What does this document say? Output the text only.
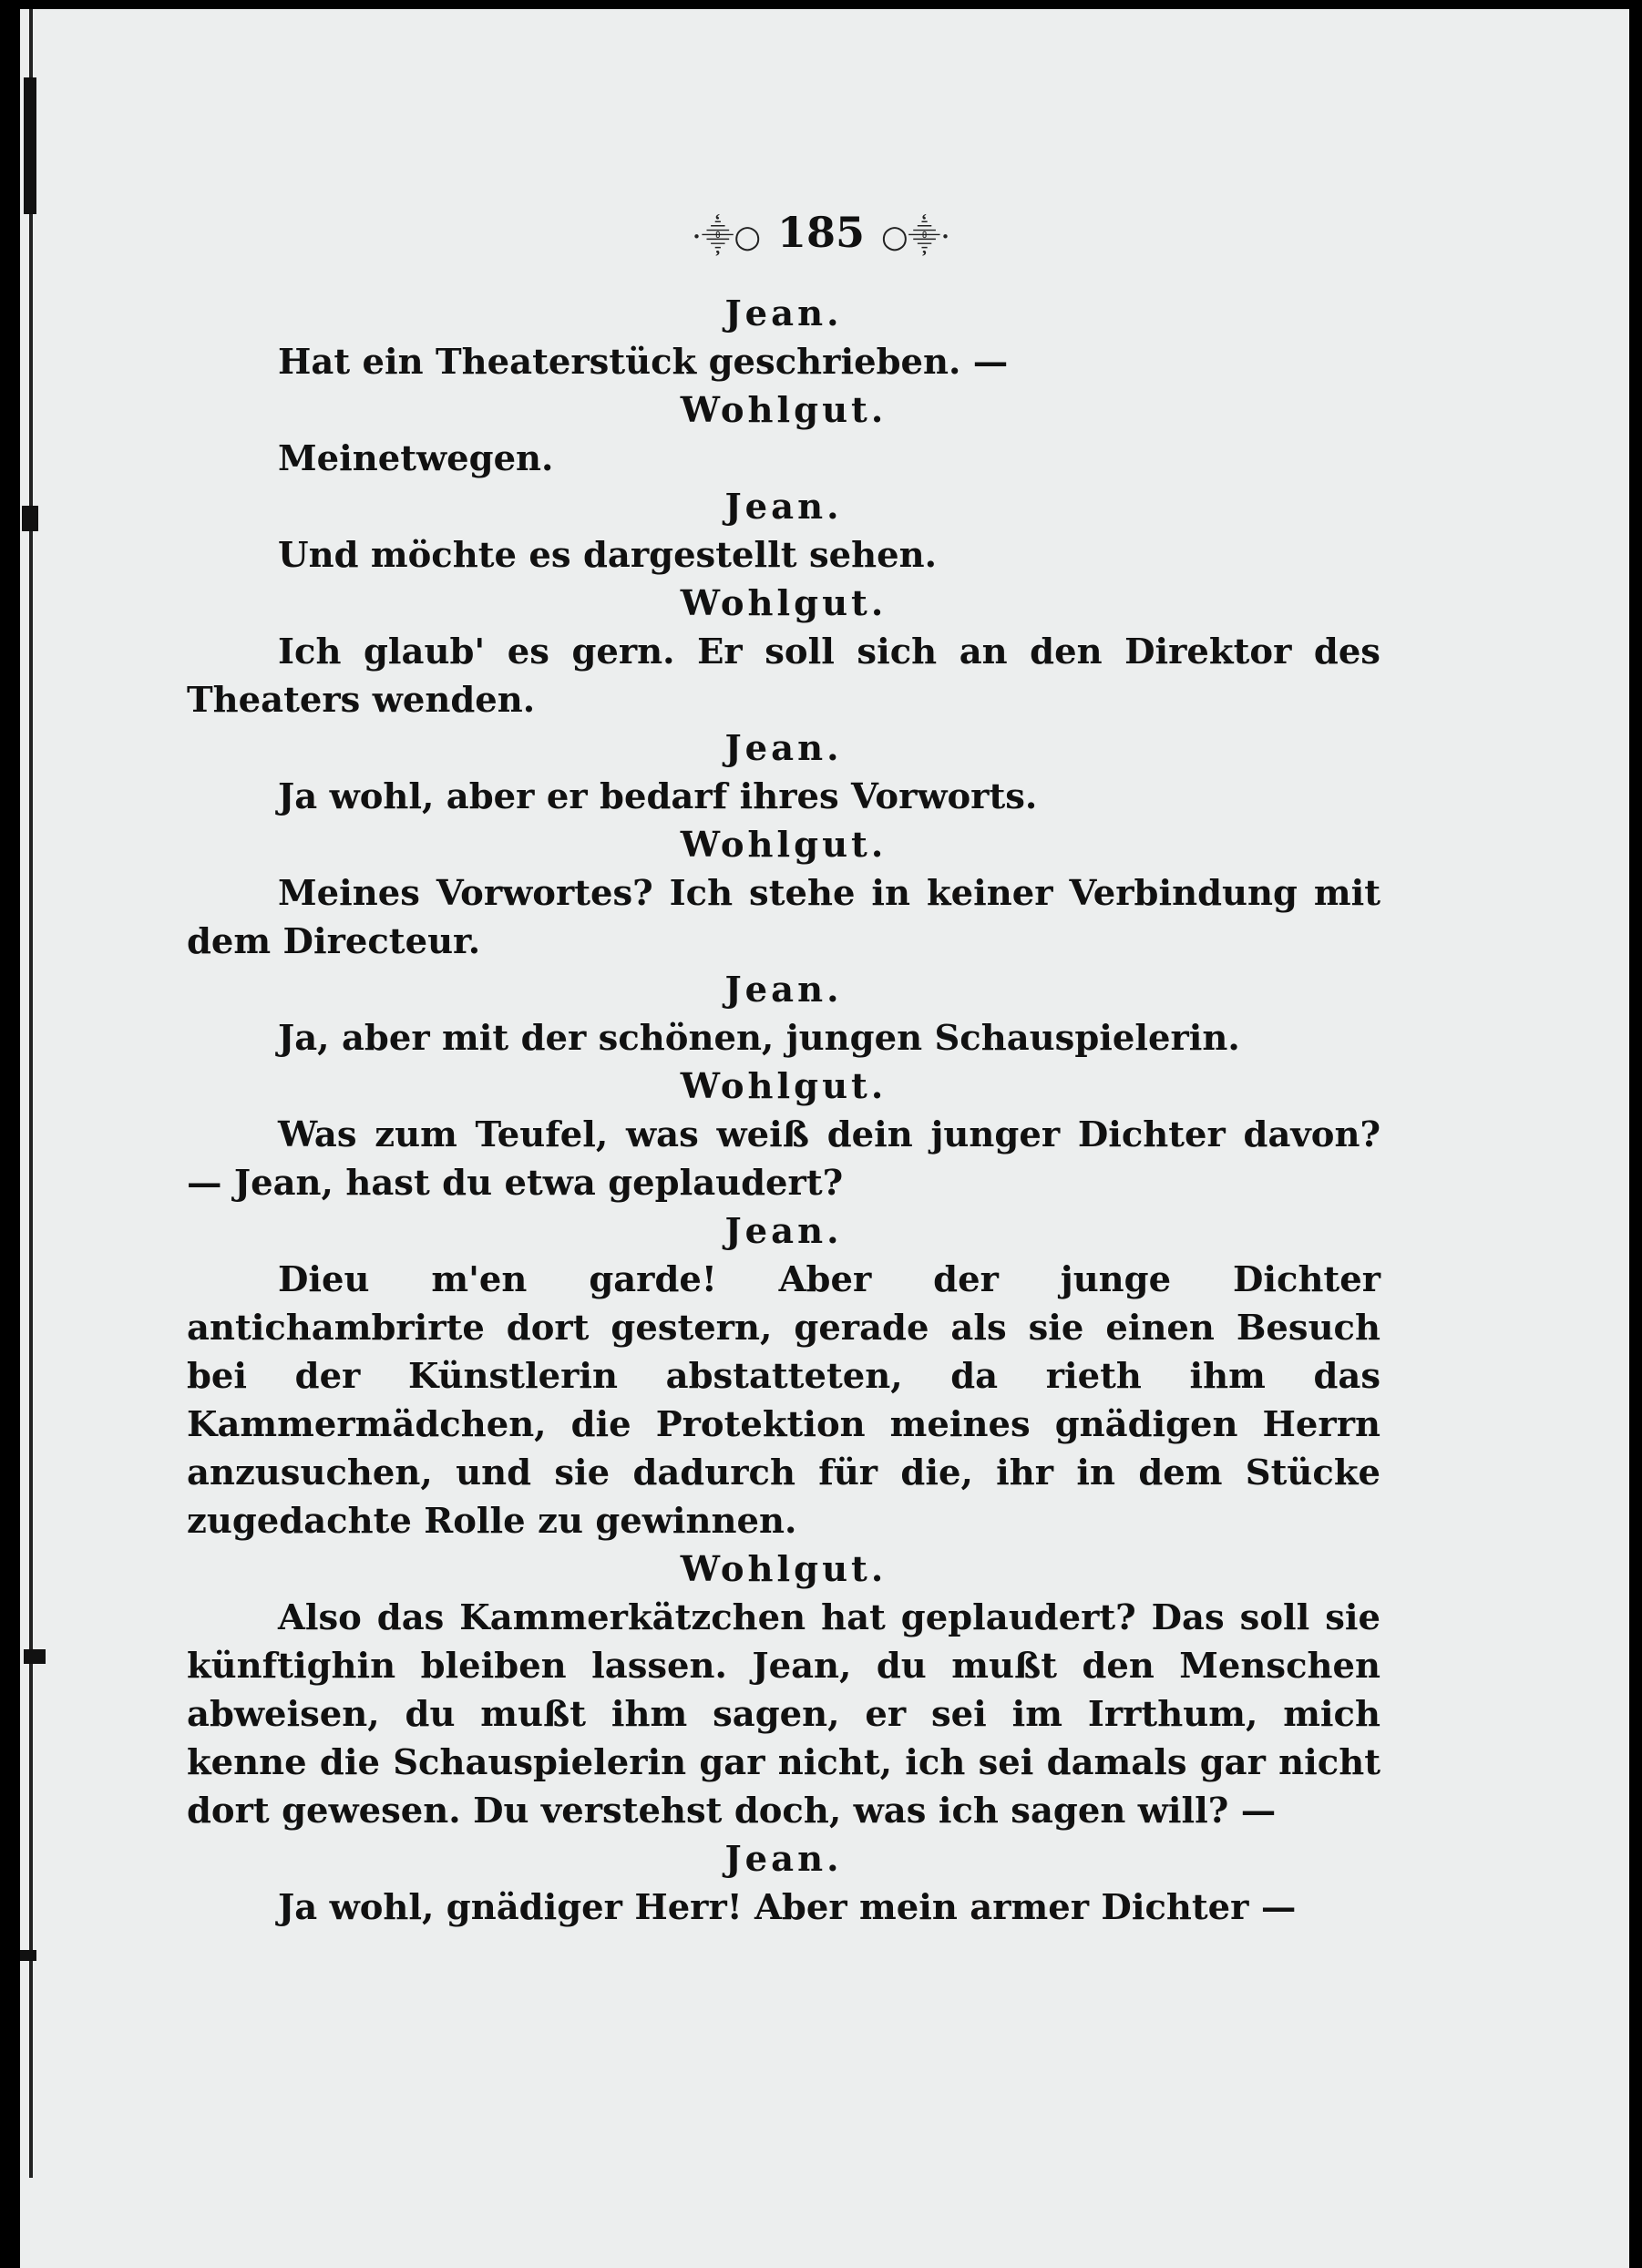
·⸎○ 185 ○⸎·
Jean.
Hat ein Theaterstück geschrieben. —
Wohlgut.
Meinetwegen.
Jean.
Und möchte es dargestellt sehen.
Wohlgut.
Ich glaub' es gern. Er soll sich an den Direktor des Theaters wenden.
Jean.
Ja wohl, aber er bedarf ihres Vorworts.
Wohlgut.
Meines Vorwortes? Ich stehe in keiner Verbindung mit dem Directeur.
Jean.
Ja, aber mit der schönen, jungen Schauspielerin.
Wohlgut.
Was zum Teufel, was weiß dein junger Dichter davon? — Jean, hast du etwa geplaudert?
Jean.
Dieu m'en garde! Aber der junge Dichter antichambrirte dort gestern, gerade als sie einen Besuch bei der Künstlerin abstatteten, da rieth ihm das Kammermädchen, die Protektion meines gnädigen Herrn anzusuchen, und sie dadurch für die, ihr in dem Stücke zugedachte Rolle zu gewinnen.
Wohlgut.
Also das Kammerkätzchen hat geplaudert? Das soll sie künftighin bleiben lassen. Jean, du mußt den Menschen abweisen, du mußt ihm sagen, er sei im Irrthum, mich kenne die Schauspielerin gar nicht, ich sei damals gar nicht dort gewesen. Du verstehst doch, was ich sagen will? —
Jean.
Ja wohl, gnädiger Herr! Aber mein armer Dichter —
